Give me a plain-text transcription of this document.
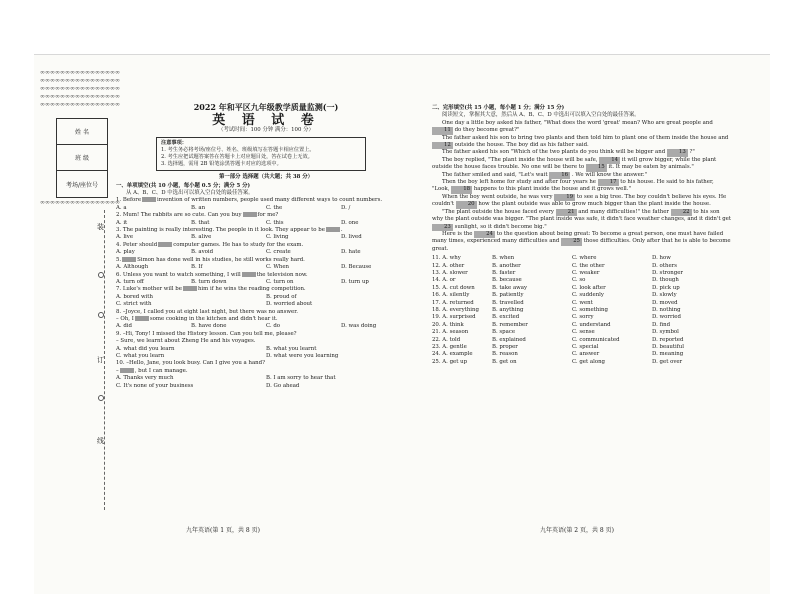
∞∞∞∞∞∞∞∞∞∞∞∞∞∞∞∞
∞∞∞∞∞∞∞∞∞∞∞∞∞∞∞∞
∞∞∞∞∞∞∞∞∞∞∞∞∞∞∞∞
∞∞∞∞∞∞∞∞∞∞∞∞∞∞∞∞
∞∞∞∞∞∞∞∞∞∞∞∞∞∞∞∞
姓 名
班 级
考场/座位号
∞∞∞∞∞∞∞∞∞∞∞∞∞∞∞∞
装
订
线
2022 年和平区九年级教学质量监测(一)
英 语 试 卷
（考试时间：100 分钟 满分：100 分）
注意事项：
1. 考生务必将考场/座位号、姓名、班级填写在答题卡相应位置上。
2. 考生应把试题答案答在答题卡上对应题目处，答在试卷上无效。
3. 选择题，需用 2B 铅笔涂黑答题卡对应的选项中。
第一部分 选择题（共大题；共 38 分）
一、单项填空(共 10 小题，每小题 0.5 分；满分 5 分)

从 A、B、C、D 中选出可以填入空白处的最佳答案。

1. Before	invention of written numbers, people used many different ways to count numbers.
A. a	B. an	C. the	D. /
2. Mum! The rabbits are so cute. Can you buy	for me?
A. it	B. that	C. this	D. one
3. The painting is really interesting. The people in it look. They appear to be	.
A. live	B. alive	C. living	D. lived
4. Peter should	computer games. He has to study for the exam.
A. play	B. avoid	C. create	D. hate
5.	Simon has done well in his studies, he still works really hard.
A. Although	B. If	C. When	D. Because
6. Unless you want to watch something, I will	the television now.
A. turn off	B. turn down	C. turn on	D. turn up
7. Luke's mother will be	him if he wins the reading competition.
A. bored with	B. proud of
C. strict with	D. worried about
8. –Joyce, I called you at eight last night, but there was no answer.
– Oh, I	some cooking in the kitchen and didn't hear it.
A. did	B. have done	C. do	D. was doing
9. –Hi, Tony! I missed the History lesson. Can you tell me, please?
– Sure, we learnt about Zheng He and his voyages.
A. what did you learn	B. what you learnt
C. what you learn	D. what were you learning
10. –Hello, Jane, you look busy. Can I give you a hand?
–	, but I can manage.
A. Thanks very much	B. I am sorry to hear that
C. It's none of your business	D. Go ahead
二、完形填空(共 15 小题，每小题 1 分；满分 15 分)

阅读短文，掌握其大意，然后从 A、B、C、D 中选出可以填入空白处的最佳答案。

One day a little boy asked his father, "What does the word 'great' mean? Who are great people and 11 do they become great?"

The father asked his son to bring two plants and then told him to plant one of them inside the house and 12 outside the house. The boy did as his father said.

The father asked his son "Which of the two plants do you think will be bigger and	13 ?"

The boy replied, "The plant inside the house will be safe,	14 it will grow bigger, while the plant outside the house faces trouble. No one will be there to	15 it. It may be eaten by animals."

The father smiled and said, "Let's wait	16 . We will know the answer."

Then the boy left home for study and after four years he	17 to his house. He said to his father, "Look,	18 happens to this plant inside the house and it grows well."

When the boy went outside, he was very	19 to see a big tree. The boy couldn't believe his eyes. He couldn't	20 how the plant outside was able to grow much bigger than the plant inside the house.

"The plant outside the house faced every	21 and many difficulties!" the father	22 to his son why the plant outside was bigger. "The plant inside was safe, it didn't face weather changes, and it didn't get 23 sunlight, so it didn't become big."

Here is the	24 to the question about being great: To become a great person, one must have failed many times, experienced many difficulties and	25 those difficulties. Only after that he is able to become great.

11. A. why	B. when	C. where	D. how
12. A. other	B. another	C. the other	D. others
13. A. slower	B. faster	C. weaker	D. stronger
14. A. or	B. because	C. so	D. though
15. A. cut down	B. take away	C. look after	D. pick up
16. A. silently	B. patiently	C. suddenly	D. slowly
17. A. returned	B. travelled	C. went	D. moved
18. A. everything	B. anything	C. something	D. nothing
19. A. surprised	B. excited	C. sorry	D. worried
20. A. think	B. remember	C. understand	D. find
21. A. season	B. space	C. sense	D. symbol
22. A. told	B. explained	C. communicated	D. reported
23. A. gentle	B. proper	C. special	D. beautiful
24. A. example	B. reason	C. answer	D. meaning
25. A. get up	B. get on	C. get along	D. get over
九年英语(第 1 页，共 8 页)	九年英语(第 2 页，共 8 页)
